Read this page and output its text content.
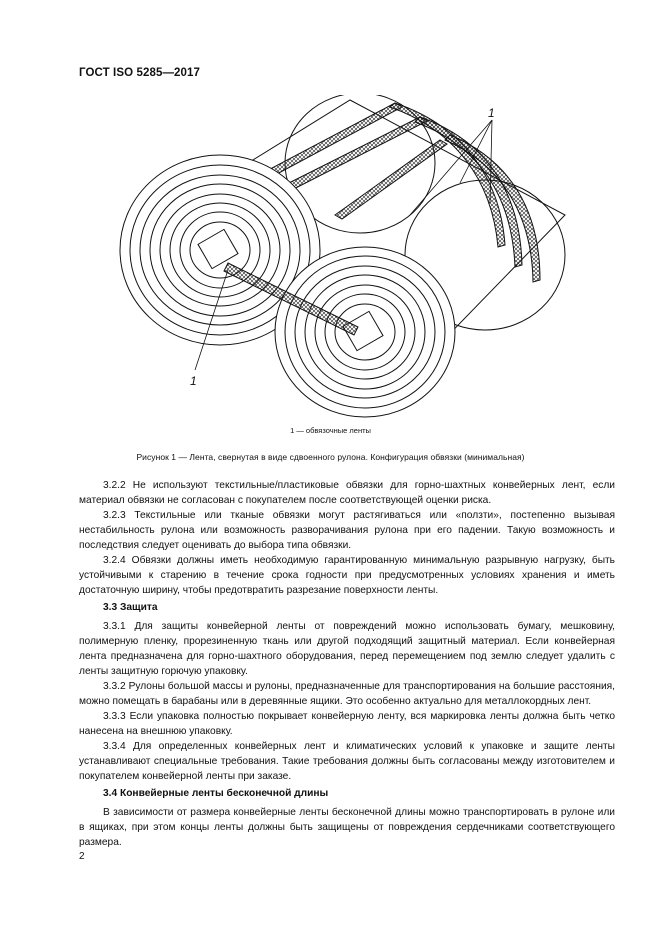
ГОСТ ISO 5285—2017
1
1
1 — обвязочные ленты
Рисунок 1 — Лента, свернутая в виде сдвоенного рулона. Конфигурация обвязки (минимальная)

3.2.2 Не используют текстильные/пластиковые обвязки для горно-шахтных конвейерных лент, если материал обвязки не согласован с покупателем после соответствующей оценки риска.

3.2.3 Текстильные или тканые обвязки могут растягиваться или «ползти», постепенно вызывая нестабильность рулона или возможность разворачивания рулона при его падении. Такую возможность и последствия следует оценивать до выбора типа обвязки.

3.2.4 Обвязки должны иметь необходимую гарантированную минимальную разрывную нагрузку, быть устойчивыми к старению в течение срока годности при предусмотренных условиях хранения и иметь достаточную ширину, чтобы предотвратить разрезание поверхности ленты.

3.3 Защита

3.3.1 Для защиты конвейерной ленты от повреждений можно использовать бумагу, мешковину, полимерную пленку, прорезиненную ткань или другой подходящий защитный материал. Если конвейерная лента предназначена для горно-шахтного оборудования, перед перемещением под землю следует удалить с ленты защитную горючую упаковку.

3.3.2 Рулоны большой массы и рулоны, предназначенные для транспортирования на большие расстояния, можно помещать в барабаны или в деревянные ящики. Это особенно актуально для металлокордных лент.

3.3.3 Если упаковка полностью покрывает конвейерную ленту, вся маркировка ленты должна быть четко нанесена на внешнюю упаковку.

3.3.4 Для определенных конвейерных лент и климатических условий к упаковке и защите ленты устанавливают специальные требования. Такие требования должны быть согласованы между изготовителем и покупателем конвейерной ленты при заказе.

3.4 Конвейерные ленты бесконечной длины

В зависимости от размера конвейерные ленты бесконечной длины можно транспортировать в рулоне или в ящиках, при этом концы ленты должны быть защищены от повреждения сердечниками соответствующего размера.

2
